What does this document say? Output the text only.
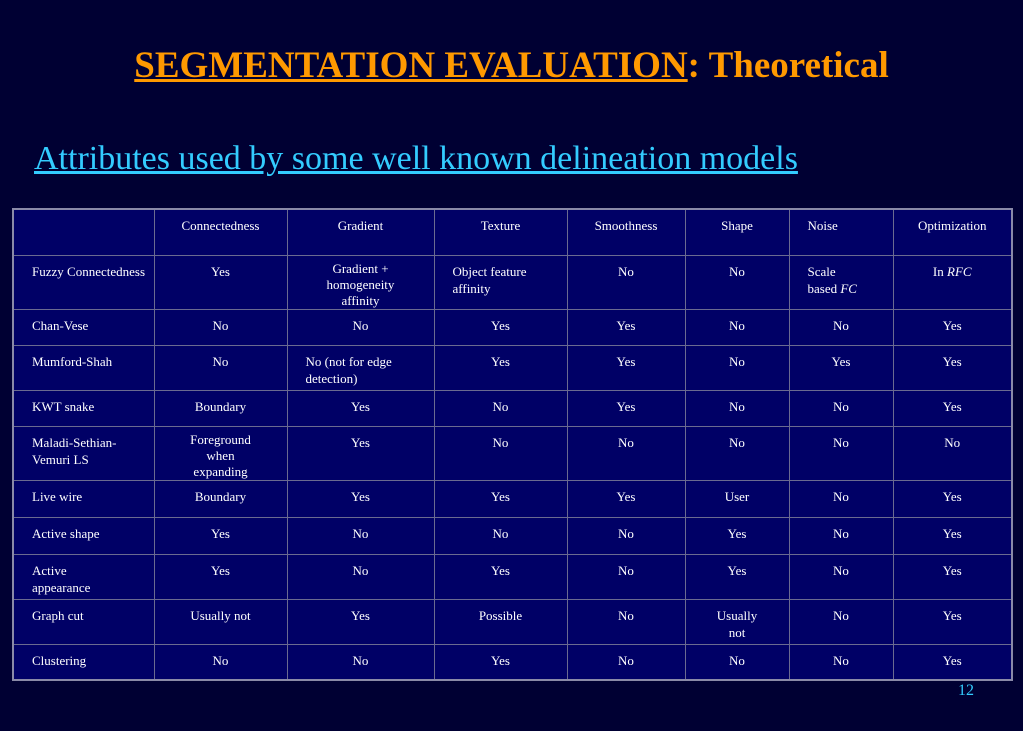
SEGMENTATION EVALUATION: Theoretical
Attributes used by some well known delineation models
	Connectedness	Gradient	Texture	Smoothness	Shape	Noise	Optimization
Fuzzy Connectedness	Yes	Gradient + homogeneity affinity	Object feature affinity	No	No	Scale based FC	In RFC
Chan-Vese	No	No	Yes	Yes	No	No	Yes
Mumford-Shah	No	No (not for edge detection)	Yes	Yes	No	Yes	Yes
KWT snake	Boundary	Yes	No	Yes	No	No	Yes
Maladi-Sethian-Vemuri LS	Foreground when expanding	Yes	No	No	No	No	No
Live wire	Boundary	Yes	Yes	Yes	User	No	Yes
Active shape	Yes	No	No	No	Yes	No	Yes
Active appearance	Yes	No	Yes	No	Yes	No	Yes
Graph cut	Usually not	Yes	Possible	No	Usually not	No	Yes
Clustering	No	No	Yes	No	No	No	Yes
12
